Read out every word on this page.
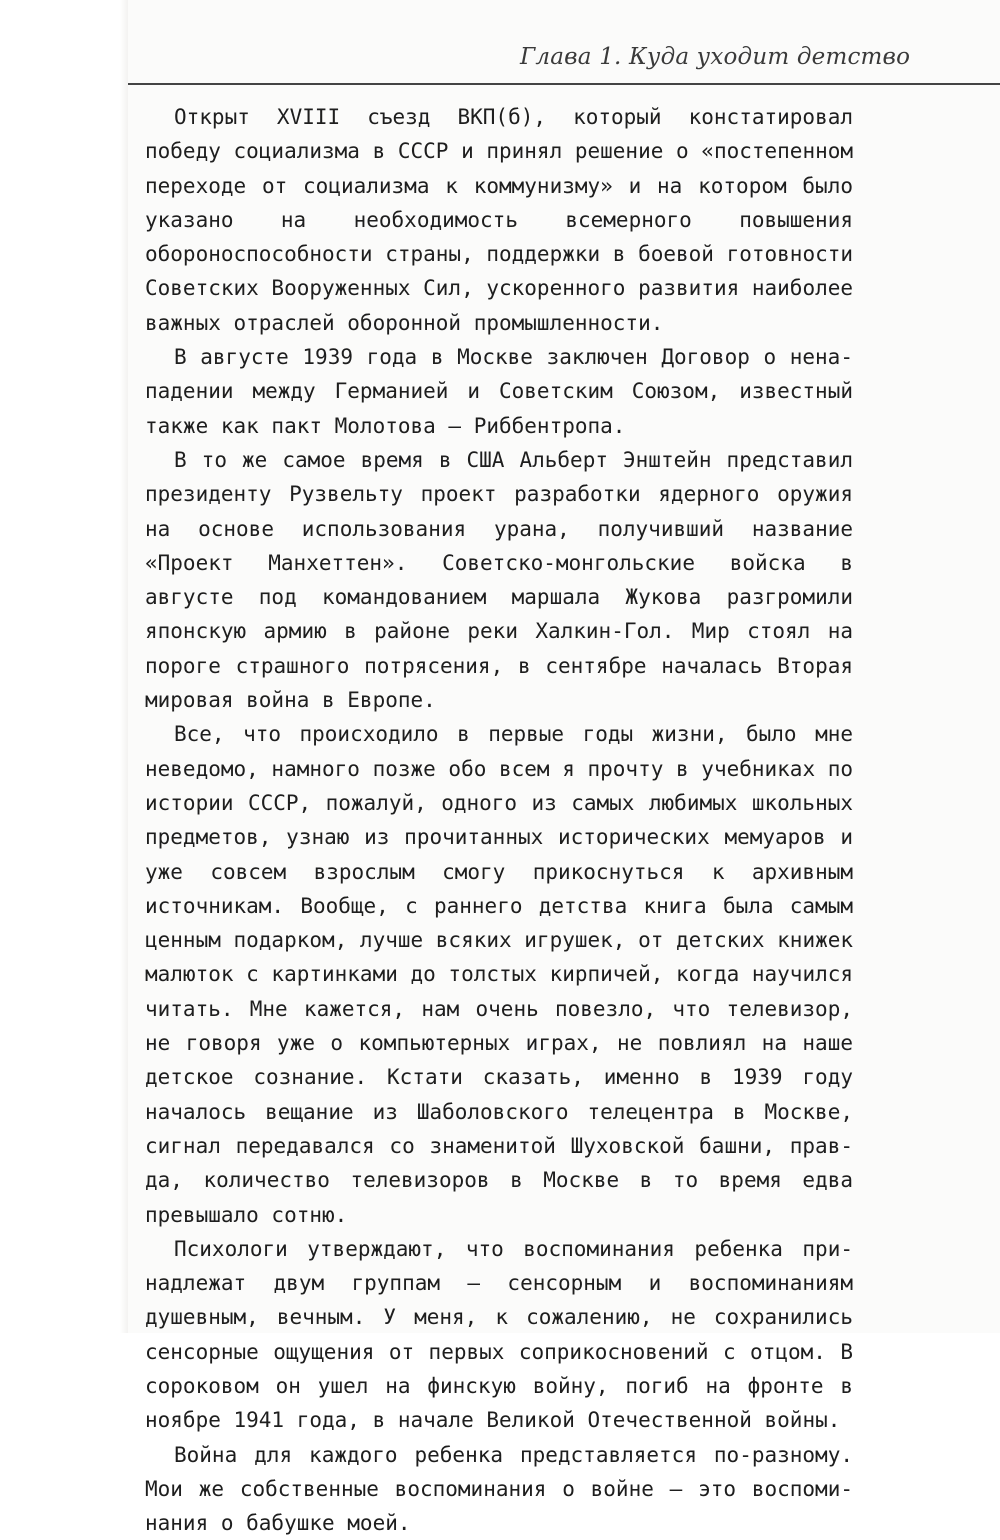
Глава 1. Куда уходит детство

Открыт XVIII съезд ВКП(б), который констатировал победу социализма в СССР и принял решение о «постепенном переходе от социализма к коммунизму» и на котором было указано на необходимость всемерного повышения обороноспособности страны, поддержки в боевой готовности Советских Вооруженных Сил, ускоренного развития наиболее важных отраслей оборонной промышленности.

В августе 1939 года в Москве заключен Договор о ненападении между Германией и Советским Союзом, известный также как пакт Молотова – Риббентропа.

В то же самое время в США Альберт Энштейн представил президенту Рузвельту проект разработки ядерного оружия на основе использования урана, получивший название «Проект Манхеттен». Советско-монгольские войска в августе под командованием маршала Жукова разгромили японскую армию в районе реки Халкин-Гол. Мир стоял на пороге страшного потрясения, в сентябре началась Вторая мировая война в Европе.

Все, что происходило в первые годы жизни, было мне неведомо, намного позже обо всем я прочту в учебниках по истории СССР, пожалуй, одного из самых любимых школьных предметов, узнаю из прочитанных исторических мемуаров и уже совсем взрослым смогу прикоснуться к архивным источникам. Вообще, с раннего детства книга была самым ценным подарком, лучше всяких игрушек, от детских книжек малюток с картинками до толстых кирпичей, когда научился читать. Мне кажется, нам очень повезло, что телевизор, не говоря уже о компьютерных играх, не повлиял на наше детское сознание. Кстати сказать, именно в 1939 году началось вещание из Шаболовского телецентра в Москве, сигнал передавался со знаменитой Шуховской башни, правда, количество телевизоров в Москве в то время едва превышало сотню.

Психологи утверждают, что воспоминания ребенка принадлежат двум группам – сенсорным и воспоминаниям душевным, вечным. У меня, к сожалению, не сохранились сенсорные ощущения от первых соприкосновений с отцом. В сороковом он ушел на финскую войну, погиб на фронте в ноябре 1941 года, в начале Великой Отечественной войны.

Война для каждого ребенка представляется по-разному. Мои же собственные воспоминания о войне – это воспоминания о бабушке моей.
